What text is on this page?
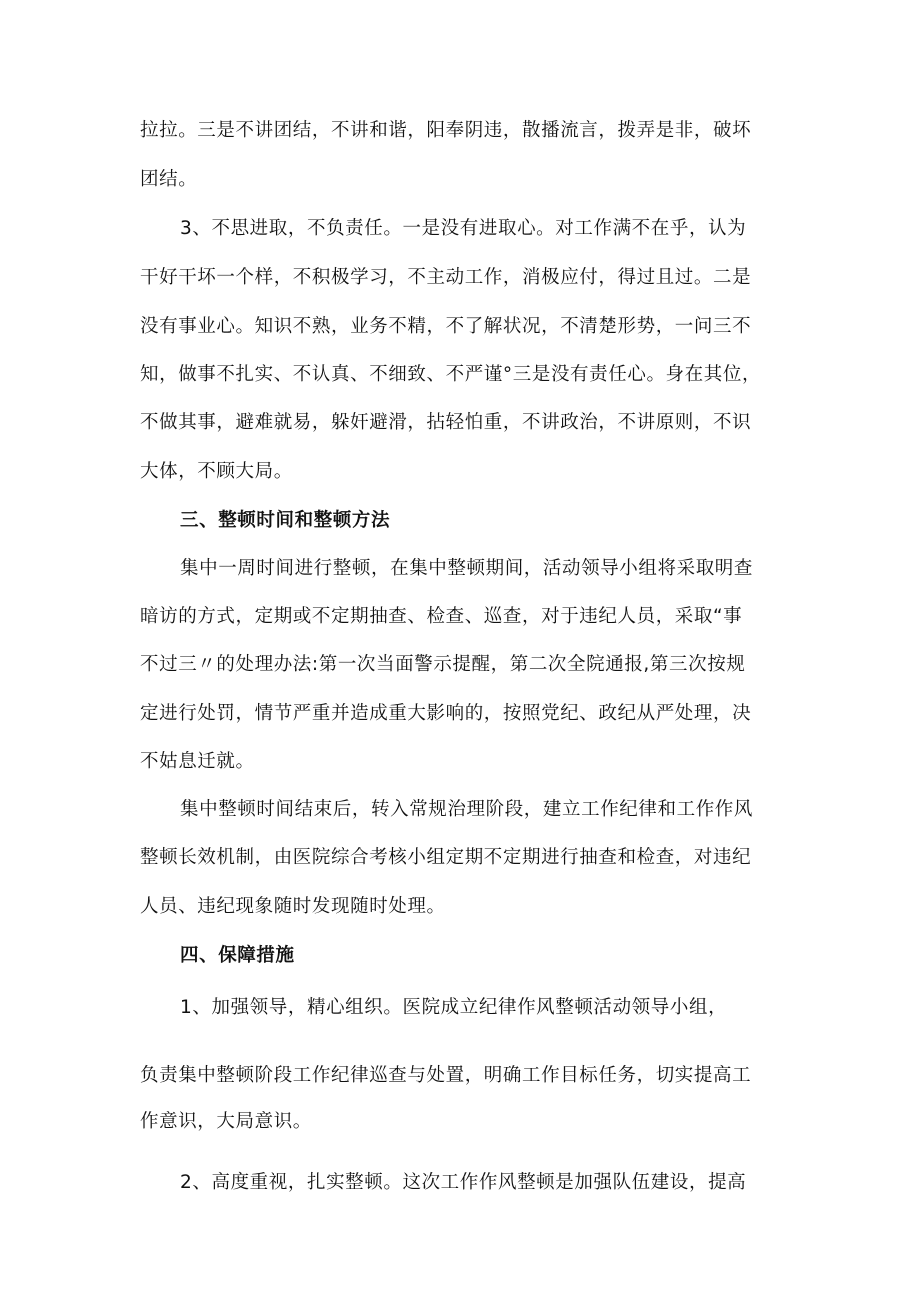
拉拉。三是不讲团结，不讲和谐，阳奉阴违，散播流言，拨弄是非，破坏
团结。
3、不思进取，不负责任。一是没有进取心。对工作满不在乎，认为
干好干坏一个样，不积极学习，不主动工作，消极应付，得过且过。二是
没有事业心。知识不熟，业务不精，不了解状况，不清楚形势，一问三不
知，做事不扎实、不认真、不细致、不严谨°三是没有责任心。身在其位，
不做其事，避难就易，躲奸避滑，拈轻怕重，不讲政治，不讲原则，不识
大体，不顾大局。
三、整顿时间和整顿方法
集中一周时间进行整顿，在集中整顿期间，活动领导小组将采取明查
暗访的方式，定期或不定期抽查、检查、巡查，对于违纪人员，采取“事
不过三〃的处理办法:第一次当面警示提醒，第二次全院通报,第三次按规
定进行处罚，情节严重并造成重大影响的，按照党纪、政纪从严处理，决
不姑息迁就。
集中整顿时间结束后，转入常规治理阶段，建立工作纪律和工作作风
整顿长效机制，由医院综合考核小组定期不定期进行抽查和检查，对违纪
人员、违纪现象随时发现随时处理。
四、保障措施
1、加强领导，精心组织。医院成立纪律作风整顿活动领导小组，
负责集中整顿阶段工作纪律巡查与处置，明确工作目标任务，切实提高工
作意识，大局意识。
2、高度重视，扎实整顿。这次工作作风整顿是加强队伍建设，提高
